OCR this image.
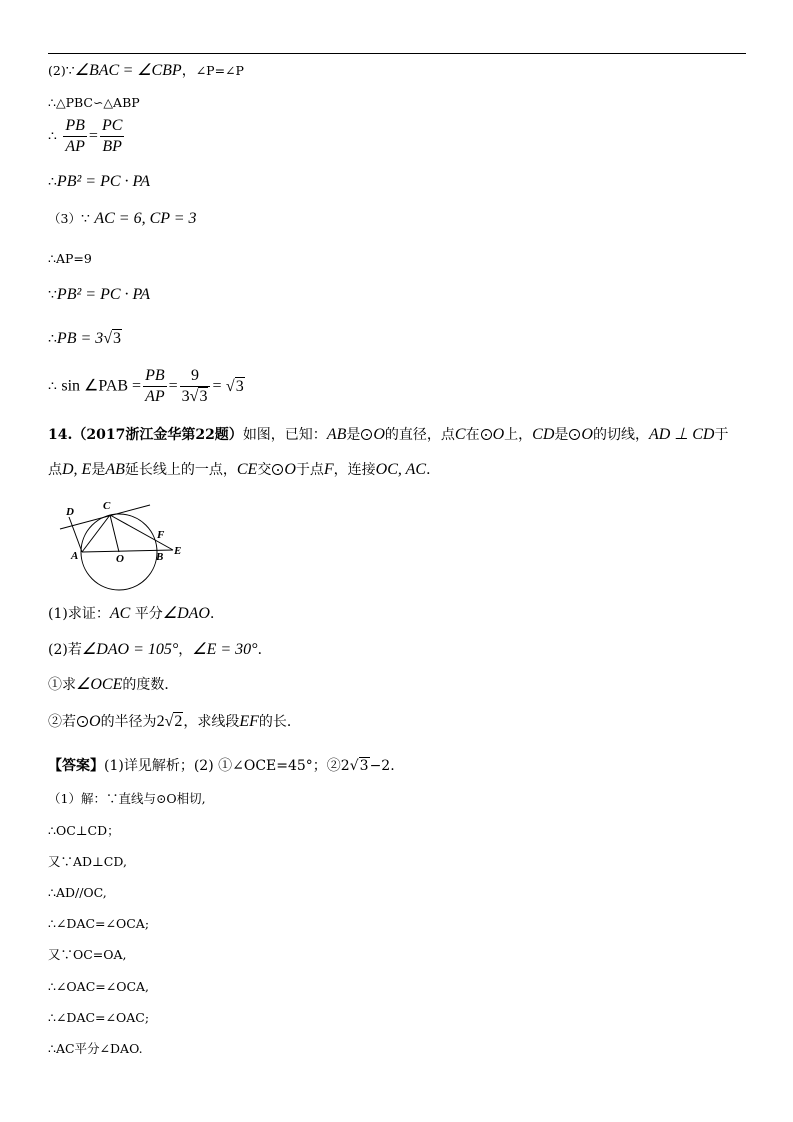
(2)∵∠BAC = ∠CBP，∠P=∠P
∴△PBC∽△ABP
∴ $\frac{PB}{AP} = \frac{PC}{BP}$
∴PB² = PC · PA
（3）∵ AC = 6, CP = 3
∴AP=9
∵PB² = PC · PA
∴PB = 3√3
∴ sin ∠PAB = $\frac{PB}{AP} = \frac{9}{3√3} = √3$
14.（2017浙江金华第22题）如图，已知：AB是 O的直径，点C在 O上，CD是 O的切线，AD ⊥ CD于
点D, E是AB延长线上的一点，CE交 O于点F，连接OC, AC．
D	C
F
A	O	B E
(1)求证：AC 平分∠DAO．
(2)若∠DAO = 105°，∠E = 30°．
①求∠OCE的度数．
②若 O的半径为2√2，求线段EF的长．
【答案】(1)详见解析；(2) ①∠OCE=45°；②2√3−2.
（1）解：∵直线与⊙O相切,
∴OC⊥CD；
又∵AD⊥CD,
∴AD//OC,
∴∠DAC=∠OCA;
又∵OC=OA,
∴∠OAC=∠OCA,
∴∠DAC=∠OAC;
∴AC平分∠DAO.
